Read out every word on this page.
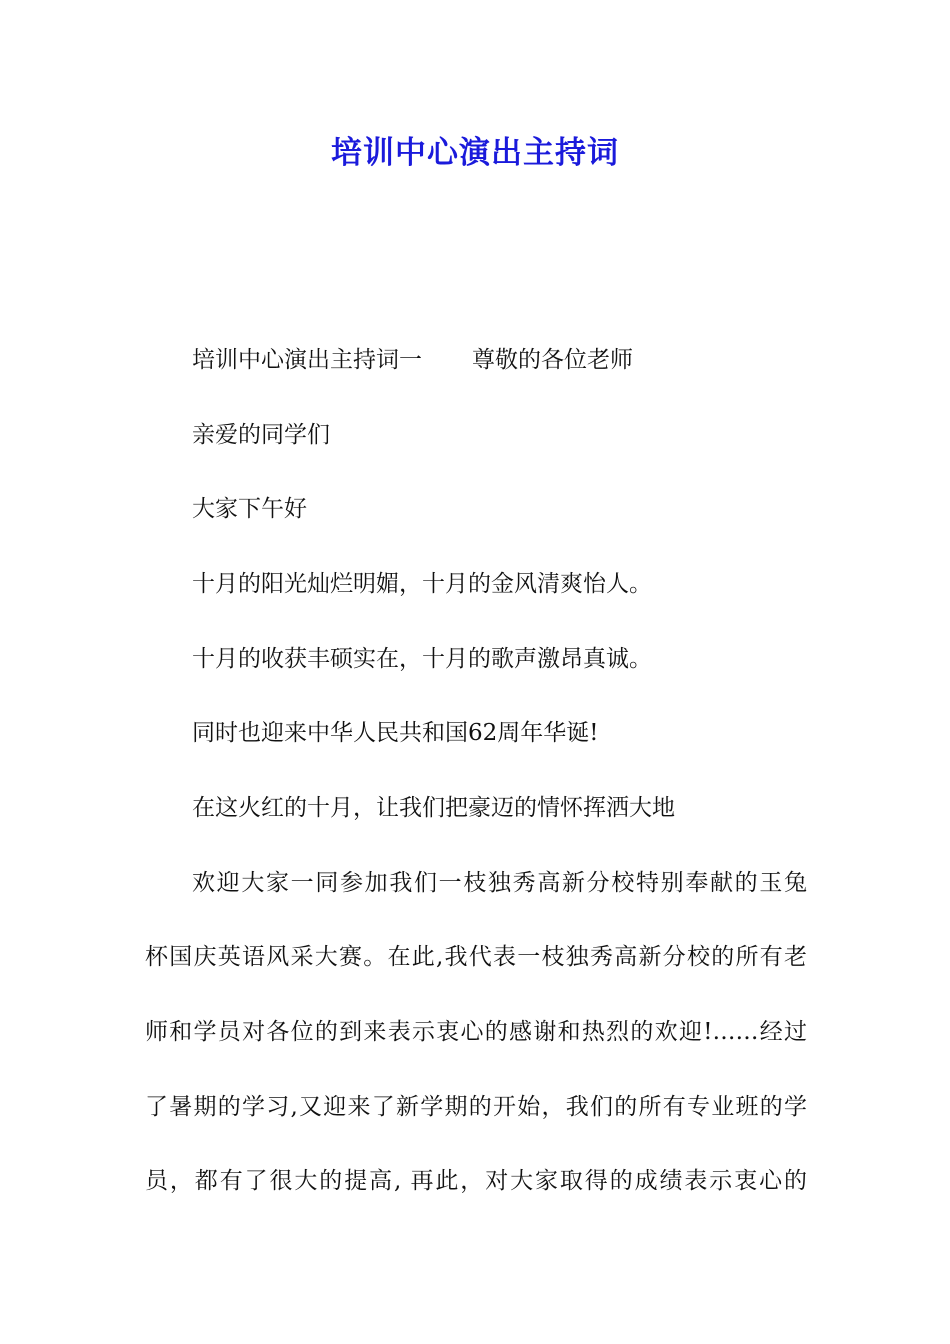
培训中心演出主持词

培训中心演出主持词一 尊敬的各位老师

亲爱的同学们

大家下午好

十月的阳光灿烂明媚，十月的金风清爽怡人。

十月的收获丰硕实在，十月的歌声激昂真诚。

同时也迎来中华人民共和国62周年华诞!

在这火红的十月，让我们把豪迈的情怀挥洒大地

欢迎大家一同参加我们一枝独秀高新分校特别奉献的玉兔

杯国庆英语风采大赛。在此,我代表一枝独秀高新分校的所有老

师和学员对各位的到来表示衷心的感谢和热烈的欢迎!……经过

了暑期的学习,又迎来了新学期的开始，我们的所有专业班的学

员，都有了很大的提高, 再此，对大家取得的成绩表示衷心的
